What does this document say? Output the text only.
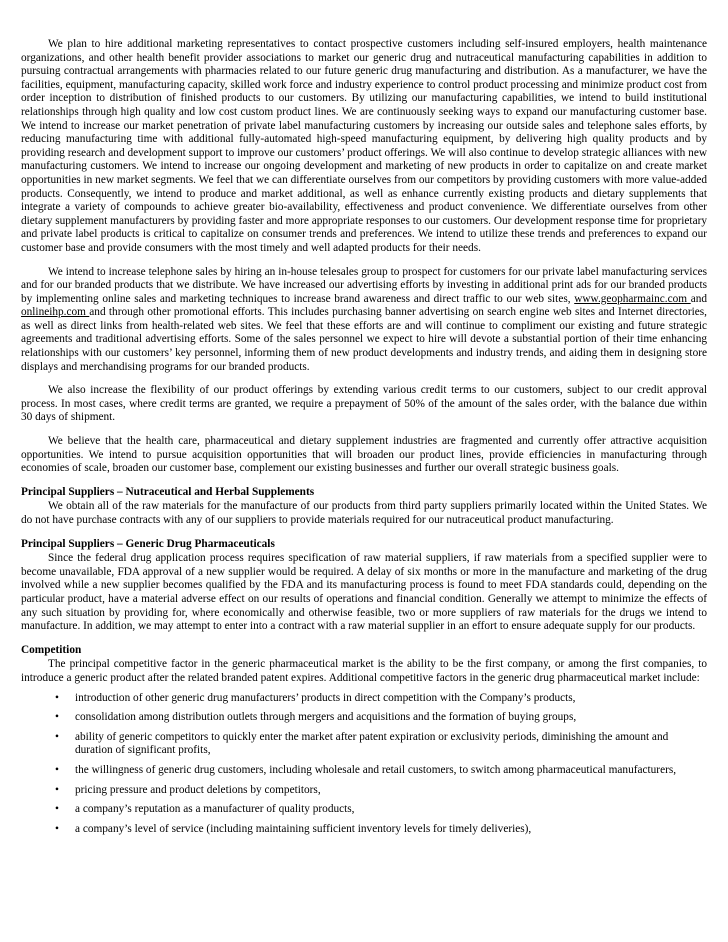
We plan to hire additional marketing representatives to contact prospective customers including self-insured employers, health maintenance organizations, and other health benefit provider associations to market our generic drug and nutraceutical manufacturing capabilities in addition to pursuing contractual arrangements with pharmacies related to our future generic drug manufacturing and distribution. As a manufacturer, we have the facilities, equipment, manufacturing capacity, skilled work force and industry experience to control product processing and minimize product cost from order inception to distribution of finished products to our customers. By utilizing our manufacturing capabilities, we intend to build institutional relationships through high quality and low cost custom product lines. We are continuously seeking ways to expand our manufacturing customer base. We intend to increase our market penetration of private label manufacturing customers by increasing our outside sales and telephone sales efforts, by reducing manufacturing time with additional fully-automated high-speed manufacturing equipment, by delivering high quality products and by providing research and development support to improve our customers’ product offerings. We will also continue to develop strategic alliances with new manufacturing customers. We intend to increase our ongoing development and marketing of new products in order to capitalize on and create market opportunities in new market segments. We feel that we can differentiate ourselves from our competitors by providing customers with more value-added products. Consequently, we intend to produce and market additional, as well as enhance currently existing products and dietary supplements that integrate a variety of compounds to achieve greater bio-availability, effectiveness and product convenience. We differentiate ourselves from other dietary supplement manufacturers by providing faster and more appropriate responses to our customers. Our development response time for proprietary and private label products is critical to capitalize on consumer trends and preferences. We intend to utilize these trends and preferences to expand our customer base and provide consumers with the most timely and well adapted products for their needs.

We intend to increase telephone sales by hiring an in-house telesales group to prospect for customers for our private label manufacturing services and for our branded products that we distribute. We have increased our advertising efforts by investing in additional print ads for our branded products by implementing online sales and marketing techniques to increase brand awareness and direct traffic to our web sites, www.geopharmainc.com and onlineihp.com and through other promotional efforts. This includes purchasing banner advertising on search engine web sites and Internet directories, as well as direct links from health-related web sites. We feel that these efforts are and will continue to compliment our existing and future strategic agreements and traditional advertising efforts. Some of the sales personnel we expect to hire will devote a substantial portion of their time enhancing relationships with our customers’ key personnel, informing them of new product developments and industry trends, and aiding them in designing store displays and merchandising programs for our branded products.

We also increase the flexibility of our product offerings by extending various credit terms to our customers, subject to our credit approval process. In most cases, where credit terms are granted, we require a prepayment of 50% of the amount of the sales order, with the balance due within 30 days of shipment.

We believe that the health care, pharmaceutical and dietary supplement industries are fragmented and currently offer attractive acquisition opportunities. We intend to pursue acquisition opportunities that will broaden our product lines, provide efficiencies in manufacturing through economies of scale, broaden our customer base, complement our existing businesses and further our overall strategic business goals.

Principal Suppliers – Nutraceutical and Herbal Supplements

We obtain all of the raw materials for the manufacture of our products from third party suppliers primarily located within the United States. We do not have purchase contracts with any of our suppliers to provide materials required for our nutraceutical product manufacturing.

Principal Suppliers – Generic Drug Pharmaceuticals

Since the federal drug application process requires specification of raw material suppliers, if raw materials from a specified supplier were to become unavailable, FDA approval of a new supplier would be required. A delay of six months or more in the manufacture and marketing of the drug involved while a new supplier becomes qualified by the FDA and its manufacturing process is found to meet FDA standards could, depending on the particular product, have a material adverse effect on our results of operations and financial condition. Generally we attempt to minimize the effects of any such situation by providing for, where economically and otherwise feasible, two or more suppliers of raw materials for the drugs we intend to manufacture. In addition, we may attempt to enter into a contract with a raw material supplier in an effort to ensure adequate supply for our products.

Competition

The principal competitive factor in the generic pharmaceutical market is the ability to be the first company, or among the first companies, to introduce a generic product after the related branded patent expires. Additional competitive factors in the generic drug pharmaceutical market include:

• introduction of other generic drug manufacturers’ products in direct competition with the Company’s products,
• consolidation among distribution outlets through mergers and acquisitions and the formation of buying groups,
• ability of generic competitors to quickly enter the market after patent expiration or exclusivity periods, diminishing the amount and duration of significant profits,
• the willingness of generic drug customers, including wholesale and retail customers, to switch among pharmaceutical manufacturers,
• pricing pressure and product deletions by competitors,
• a company’s reputation as a manufacturer of quality products,
• a company’s level of service (including maintaining sufficient inventory levels for timely deliveries),
